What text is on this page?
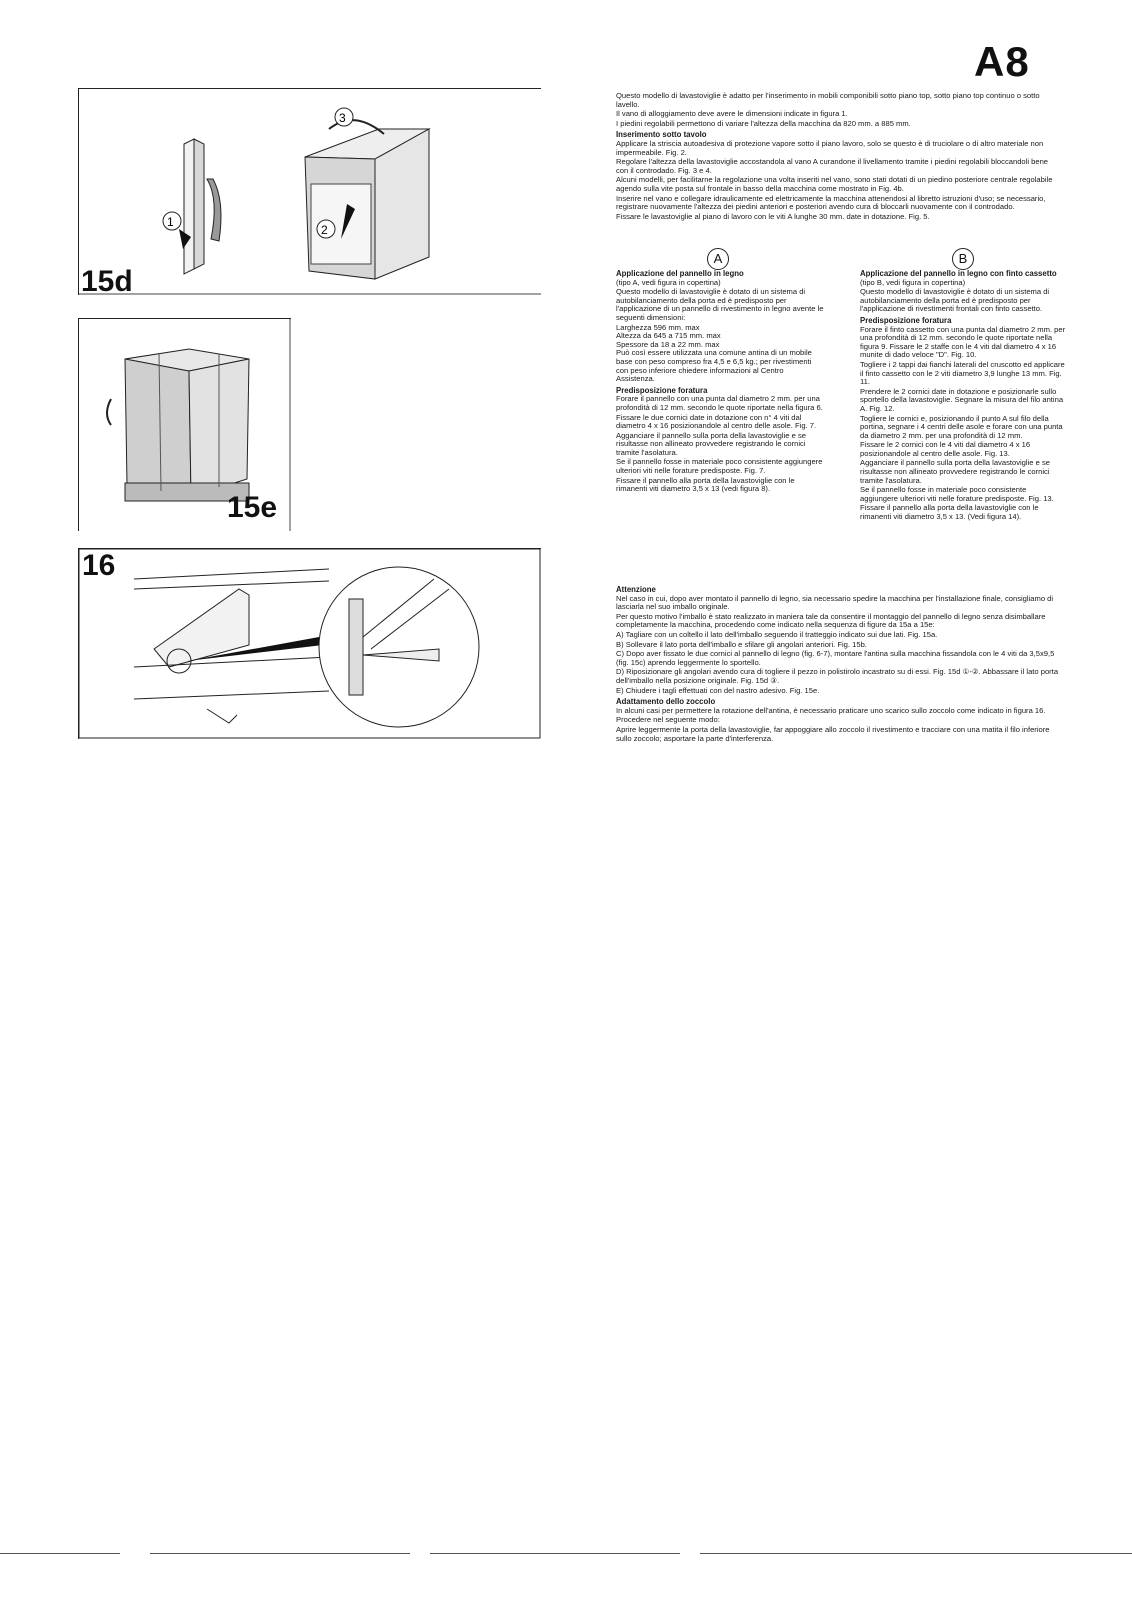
A8
1
3
2
15d
15e
16

Questo modello di lavastoviglie è adatto per l'inserimento in mobili componibili sotto piano top, sotto piano top continuo o sotto lavello.

Il vano di alloggiamento deve avere le dimensioni indicate in figura 1.

I piedini regolabili permettono di variare l'altezza della macchina da 820 mm. a 885 mm.

Inserimento sotto tavolo

Applicare la striscia autoadesiva di protezione vapore sotto il piano lavoro, solo se questo è di truciolare o di altro materiale non impermeabile. Fig. 2.

Regolare l'altezza della lavastoviglie accostandola al vano A curandone il livellamento tramite i piedini regolabili bloccandoli bene con il controdado. Fig. 3 e 4.

Alcuni modelli, per facilitarne la regolazione una volta inseriti nel vano, sono stati dotati di un piedino posteriore centrale regolabile agendo sulla vite posta sul frontale in basso della macchina come mostrato in Fig. 4b.

Inserire nel vano e collegare idraulicamente ed elettricamente la macchina attenendosi al libretto istruzioni d'uso; se necessario, registrare nuovamente l'altezza dei piedini anteriori e posteriori avendo cura di bloccarli nuovamente con il controdado.

Fissare le lavastoviglie al piano di lavoro con le viti A lunghe 30 mm. date in dotazione. Fig. 5.

A	B
Applicazione del pannello in legno

(tipo A, vedi figura in copertina)

Questo modello di lavastoviglie è dotato di un sistema di autobilanciamento della porta ed è predisposto per l'applicazione di un pannello di rivestimento in legno avente le seguenti dimensioni:

Larghezza 596 mm. max

Altezza da 645 a 715 mm. max

Spessore da 18 a 22 mm. max

Può così essere utilizzata una comune antina di un mobile base con peso compreso fra 4,5 e 6,5 kg.; per rivestimenti con peso inferiore chiedere informazioni al Centro Assistenza.

Predisposizione foratura

Forare il pannello con una punta dal diametro 2 mm. per una profondità di 12 mm. secondo le quote riportate nella figura 6.

Fissare le due cornici date in dotazione con n° 4 viti dal diametro 4 x 16 posizionandole al centro delle asole. Fig. 7.

Agganciare il pannello sulla porta della lavastoviglie e se risultasse non allineato provvedere registrando le cornici tramite l'asolatura.

Se il pannello fosse in materiale poco consistente aggiungere ulteriori viti nelle forature predisposte. Fig. 7.

Fissare il pannello alla porta della lavastoviglie con le rimanenti viti diametro 3,5 x 13 (vedi figura 8).

Applicazione del pannello in legno con finto cassetto

(tipo B, vedi figura in copertina)

Questo modello di lavastoviglie è dotato di un sistema di autobilanciamento della porta ed è predisposto per l'applicazione di rivestimenti frontali con finto cassetto.

Predisposizione foratura

Forare il finto cassetto con una punta dal diametro 2 mm. per una profondità di 12 mm. secondo le quote riportate nella figura 9. Fissare le 2 staffe con le 4 viti dal diametro 4 x 16 munite di dado veloce "D". Fig. 10.

Togliere i 2 tappi dai fianchi laterali del cruscotto ed applicare il finto cassetto con le 2 viti diametro 3,9 lunghe 13 mm. Fig. 11.

Prendere le 2 cornici date in dotazione e posizionarle sullo sportello della lavastoviglie. Segnare la misura del filo antina A. Fig. 12.

Togliere le cornici e, posizionando il punto A sul filo della portina, segnare i 4 centri delle asole e forare con una punta da diametro 2 mm. per una profondità di 12 mm.

Fissare le 2 cornici con le 4 viti dal diametro 4 x 16 posizionandole al centro delle asole. Fig. 13.

Agganciare il pannello sulla porta della lavastoviglie e se risultasse non allineato provvedere registrando le cornici tramite l'asolatura.

Se il pannello fosse in materiale poco consistente aggiungere ulteriori viti nelle forature predisposte. Fig. 13.

Fissare il pannello alla porta della lavastoviglie con le rimanenti viti diametro 3,5 x 13. (Vedi figura 14).

Attenzione

Nel caso in cui, dopo aver montato il pannello di legno, sia necessario spedire la macchina per l'installazione finale, consigliamo di lasciarla nel suo imballo originale.

Per questo motivo l'imballo è stato realizzato in maniera tale da consentire il montaggio del pannello di legno senza disimballare completamente la macchina, procedendo come indicato nella sequenza di figure da 15a a 15e:

A) Tagliare con un coltello il lato dell'imballo seguendo il tratteggio indicato sui due lati. Fig. 15a.

B) Sollevare il lato porta dell'imballo e sfilare gli angolari anteriori. Fig. 15b.

C) Dopo aver fissato le due cornici al pannello di legno (fig. 6-7), montare l'antina sulla macchina fissandola con le 4 viti da 3,5x9,5 (fig. 15c) aprendo leggermente lo sportello.

D) Riposizionare gli angolari avendo cura di togliere il pezzo in polistirolo incastrato su di essi. Fig. 15d ①-②. Abbassare il lato porta dell'imballo nella posizione originale. Fig. 15d ③.

E) Chiudere i tagli effettuati con del nastro adesivo. Fig. 15e.

Adattamento dello zoccolo

In alcuni casi per permettere la rotazione dell'antina, è necessario praticare uno scarico sullo zoccolo come indicato in figura 16.

Procedere nel seguente modo:

Aprire leggermente la porta della lavastoviglie, far appoggiare allo zoccolo il rivestimento e tracciare con una matita il filo inferiore sullo zoccolo; asportare la parte d'interferenza.
